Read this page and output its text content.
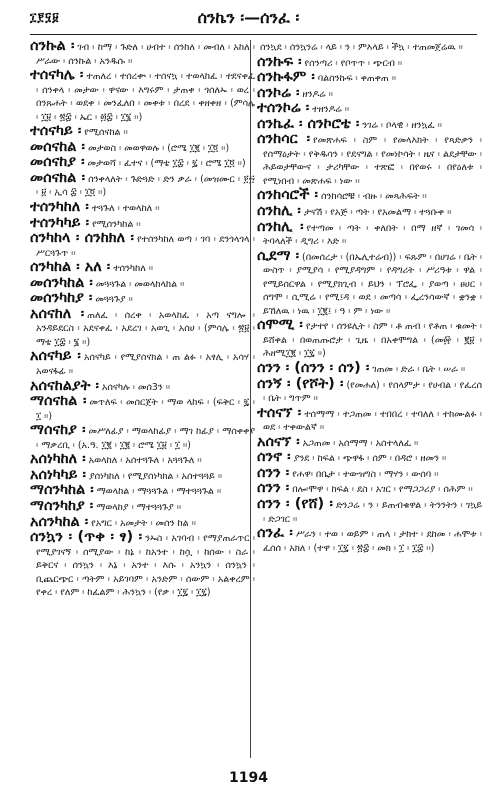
፲፻፶፱	ሰንኬን ፡—ሰንፈ ፡
ሰንኩል ፡ ገብ ፡ ከማ ፡ ጉድለ ፡ ሀብተ ፡ ሰንከለ ፡ መብለ ፡ አከለ ፡ ሥራው ፡ ሰንኩል ፡ አንዱሱ ፡፡
ተሰናካሌ ፡ ተጠለረ ፡ ተሰረቍ ፡ ተሰናኳ ፡ ተወላከፈ ፡ ተደናቀፈ ፡ ሰንቀላ ፡ መታው ፡ ዋናው ፡ እግሩም ፡ ታጠቀ ፡ ጎሰለኡ ፡ ወረ ፡ በንጹሐት ፡ ወደቀ ፡ መንፈለበ ፡ መቀቱ ፡ በረደ ፡ ቀዘቀዘ ፡ (ምሳሌ ፡ ፲፱ ፡ ፳፰ ፡ ኤር ፡ ፴፰ ፡ ፲፮ ፡፡)
ተሰናካይ ፡ የሚሰናከል ፡፡
መሰናከል ፡ መታወስ ፡ መወዋወሉ ፡ (ሮሜ ፲፪ ፡ ፲፬ ፡፡)
መሰናከያ ፡ መታወሻ ፡ ፈተና ፡ (ማቴ ፲፰ ፡ ፯ ፡ ሮሜ ፲፬ ፡፡)
መሰናክል ፡ ሰንቀላለት ፡ ጉድጓድ ፡ ድን ቃራ ፡ (መዝሙር ፡ ፻፵ ፡ ፱ ፡ ኢሳ ፰ ፡ ፲፬ ፡፡)
ተሰንካከለ ፡ ተጓጉለ ፡ ተወላከለ ፡፡
ተሰንካካይ ፡ የሚሰንካከል ፡፡
ሰንካከላ ፡ ሰንከክለ ፡ የተሰንካከለ ወጣ ፡ ገባ ፡ ደንጎላጎላ ፡ ሥርጓጉጥ ፡፡
ሰንካከል ፡ አለ ፡ ተሰንካከለ ፡፡
መሰንካከል ፡ መጓጓጉል ፡ መወላከላከል ፡፡
መሰንካከያ ፡ መጓጓጉያ ፡፡
አሰናከለ ፡ ጠለፈ ፡ ሰረቀ ፡ አወላከፈ ፡ አጣ ናግሎ ፡ አንዳይደርስ ፡ አደናቀፈ ፡ አደረገ ፡ አወጊ ፡ አሰሀ ፡ (ምሳሌ ፡ ፳፱ ፡ ማቴ ፲፰ ፡ ፮ ፡፡)
አሰናካይ ፡ አሰናካይ ፡ የሚያሰናክል ፡ ጠ ልፉ ፡ አፃሊ ፡ አሳሃ ፡ አወናፋፊ ፡፡
አሰናከልያት ፡ አሰናካሉ ፡ መሰ3ን ፡፡
ማሰናከል ፡ መጥለፍ ፡ መሰርጀት ፡ ማወ ላከፍ ፡ (ፍቅር ፡ ፯ ፡ ፲ ፡፡)
ማሰናከያ ፡ መሥለፊያ ፡ ማወላከፊያ ፡ ማገ ከፊያ ፡ ማሰቀቀያ ፡ ማቃረቢ ፡ (አ.ዓ. ፲፪ ፡ ፲፪ ፡ ሮሜ ፲፱ ፡ ፲ ፡፡)
አሰነካከለ ፡ አወላከለ ፡ አሰተጓጉለ ፡ አጓጓጉለ ፡፡
አሰነካካይ ፡ ያሰነካከለ ፡ የሚያሰነካክል ፡ አሰተጓጓይ ፡፡
ማሰንካከል ፡ ማወላከል ፡ ማጓጓጉል ፡ ማተጓጓጉል ፡፡
ማሰንካከያ ፡ ማወላከያ ፡ ማተጓጓጉያ ፡፡
አሰንካከል ፡ የአግር ፡ አመታት ፡ መሰን ከል ፡፡
ሰንኳን ፡ (ጥቀ ፡ ፃ) ፡ ንኡስ ፡ አገባብ ፡ የማያጠራጥር ፡ የሚያገናኝ ፡ ሰሚያው ፡ ከኔ ፡ ከአንተ ፡ ከሷ ፡ ከሰው ፡ ስራ ፡ ይቅርና ፡ ሰንኳን ፡ እኔ ፡ አንተ ፡ እሱ ፡ አንኳን ፡ ሰንኳን ፡ ቢጨርጭር ፡ ጣትም ፡ አይገባም ፡ አንድም ፡ ሰውም ፡ አልቀረም ፡ የቀረ ፡ የለም ፡ ከፈልም ፡ ሕንኳን ፡ (የቃ ፡ ፲፯ ፡ ፲፯)
ሰንኳደ ፡ ሰንኳንሬ ፡ ላይ ፡ ን ፡ ምእላይ ፡ ችኳ ፡ ተጠመጀሬዉ ፡፡
ሰንኩፍ ፡ የሰንጣሪ ፡ የቦጥጥ ፡ ጭርብ ፡፡
ሰንኩፋም ፡ ባልሰንኩፍ ፡ ቀጠቀጠ ፡፡
ሰንኮሬ ፡ ዘንዶሬ ፡፡
ተሰንኮሬ ፡ ተዘንዶሬ ፡፡
ሰንኬፈ ፡ ሰንኮሮቴ ፡ ንገሬ ፡ ቦላዊ ፡ ዘንኳፈ ፡፡
ሰንከሳር ፡ የመጽሐፍ ፡ ስም ፡ የመላእክት ፡ የጻድቃን ፡ የሰማዕታት ፡ የቅዱሳን ፡ የደናግል ፡ የመነኮሳት ፡ ዜና ፡ ልደታቸው ፡ ሕይወታቸውና ፡ ታሪካቸው ፡ ተጽፎ ፡ በየወሩ ፡ በየዕለቱ ፡ የሚነበብ ፡ መጽሐፍ ፡ ነው ፡፡
ሰንከሳሮች ፡ ሰንከሳሮቹ ፡ ብዙ ፡ መጻሕፍት ፡፡
ሰንከሊ ፡ ታናሽ ፡ የአጅ ፡ ጣት ፡ የአመልማ ፡ ተጓቡቀ ፡፡
ሰንከሊ ፡ የተጣመ ፡ ጣት ፡ ቀለበት ፡ በማ ዘኛ ፡ ገመሳ ፡ ትባላለች ፡ ዲግሪ ፡ እድ ፡፡
ሲደማ ፡ (በመሰረታ ፡ (በኤሊተሬብ)) ፡ ፍጹም ፡ በሀገሬ ፡ ቤት ፡ ውስጥ ፡ ያሚያሳ ፡ የሚያዳግም ፡ የዳግሪት ፡ ሥሪዓቱ ፡ ዋል ፡ የሚይሰርዋል ፡ የሚያክጊብ ፡ ይህን ፡ ፕሮፌ ፡ ያወጣ ፡ ፀሀር ፡ ሰግሞ ፡ ሲሚሬ ፡ የሚ፤ዳ ፡ ወደ ፡ መጣሳ ፡ ፌረንሳውኛ ፡ ቋንቋ ፡ ይኸለዉ ፡ ነዉ ፡ ፲፪፤ ፡ ዓ ፡ ም ፡ ነው ፡፡
ሰሞሚ ፡ የታተየ ፡ ሰንዩሊት ፡ ስም ፡ ቶ ጠብ ፡ የቶጠ ፡ ቁመት ፡ ይሸቀል ፡ በወጠጡሮታ ፡ ጊዜ ፡ በአቀሞግል ፡ (መ፼ ፡ ፪፱ ፡ ሕዘሚ፲፪ ፡ ፲፯ ፡፡)
ሰንን ፡ (ሰንን ፡ ሰን) ፡ ገጠመ ፡ ድራ ፡ ቤት ፡ ሠራ ፡፡
ሰንኝ ፡ (የሾት) ፡ (የመሐለ) ፡ የሰላምታ ፡ የሀብል ፡ የፈረሰ ፡ ቤት ፡ ግጥም ፡፡
ተሰናኘ ፡ ተሰማማ ፡ ተጋጠመ ፡ ተበበረ ፡ ተባለለ ፡ ተከሙልፉ ፡ ወደ ፡ ተቀውልኛ ፡፡
አሰናኘ ፡ አጋጠመ ፡ አሰማማ ፡ አሰተላለፈ ፡፡
ሰንኖ ፡ ያንደ ፡ ከፍል ፡ ጭዋፋ ፡ ሰም ፡ በዳሮ ፡ ዘመን ፡፡
ሰንን ፡ የሐዋ፡ በቤታ ፡ ተውዝግስ ፡ ማሃን ፡ ውሰባ ፡፡
ሰንን ፡ በሎ፡ሞዋ ፡ ከፍል ፡ ደስ ፡ አገር ፡ የማጋጋሪያ ፡ ሰሕም ፡፡
ሰንን ፡ (የሸ) ፡ ድንጋሬ ፡ ን ፡ ይጠብቁዋል ፡ ትንንትን ፡ ገኳይ ፡ ድጋገር ፡፡
ሰንፈ ፡ ሥራን ፡ ተወ ፡ ወይም ፡ ጠላ ፡ ታከተ ፡ ደከመ ፡ ሐሞቱ ፡ ፈሰሰ ፡ አክለ ፡ (ተዋ ፡ ፲፯ ፡ ፳፰ ፡ መክ ፡ ፲ ፡ ፲፰ ፡፡)
1194
